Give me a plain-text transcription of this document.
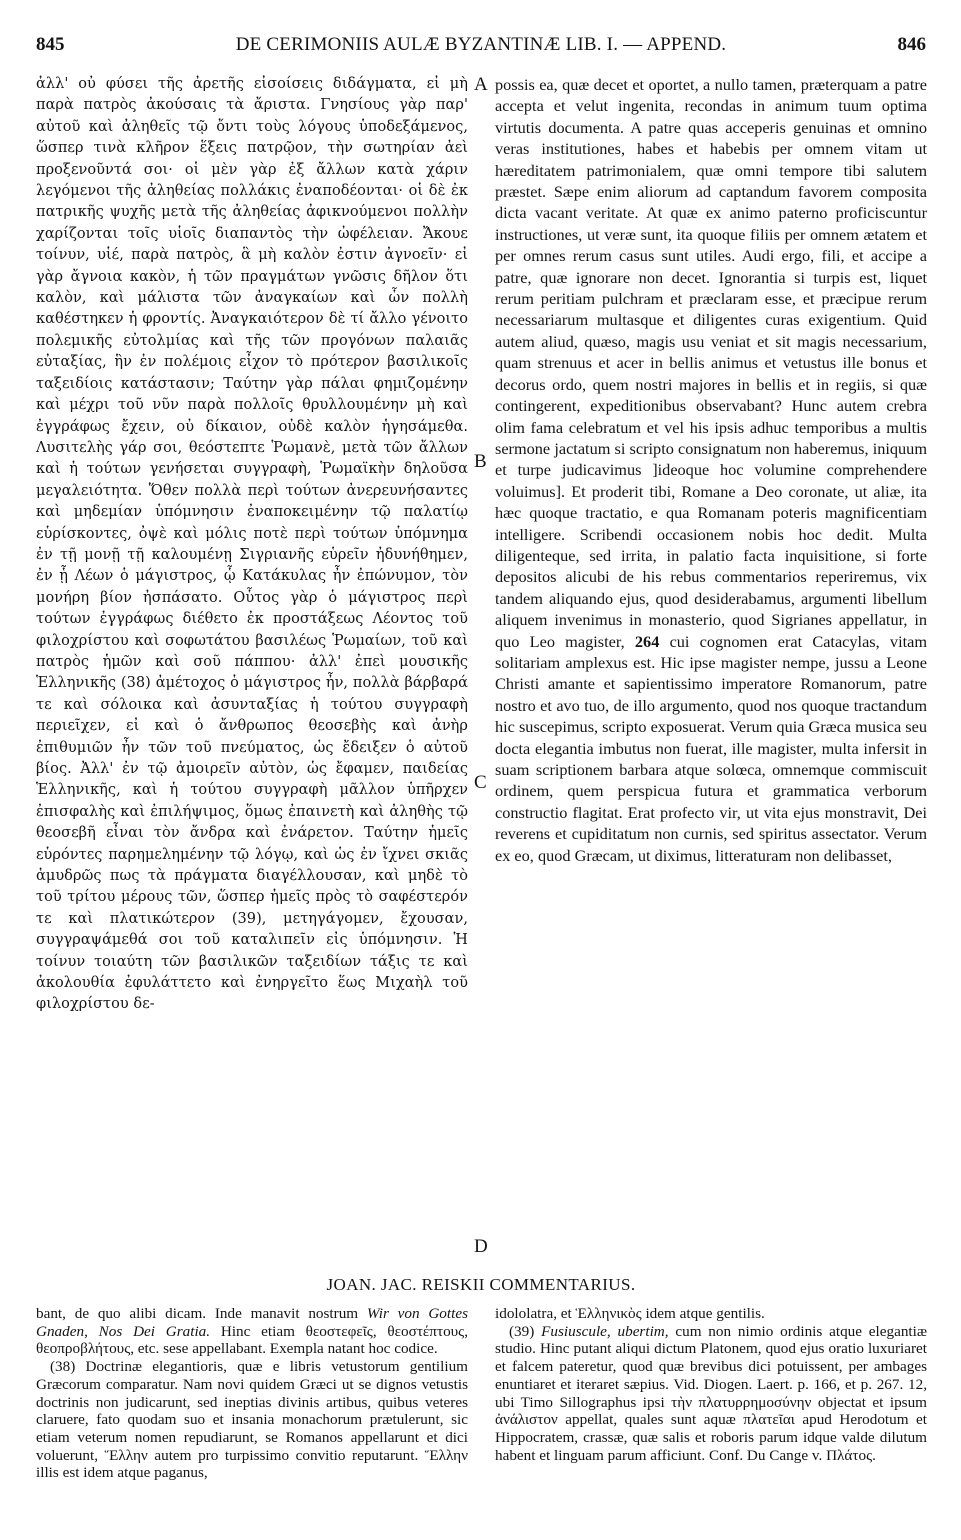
845	DE CERIMONIIS AULÆ BYZANTINÆ LIB. I. — APPEND.	846

ἀλλ' οὐ φύσει τῆς ἀρετῆς εἰσοίσεις διδάγματα, εἰ μὴ παρὰ πατρὸς ἀκούσαις τὰ ἄριστα. Γνησίους γὰρ παρ' αὐτοῦ καὶ ἀληθεῖς τῷ ὄντι τοὺς λόγους ὑποδεξάμενος, ὥσπερ τινὰ κλῆρον ἕξεις πατρῷον, τὴν σωτηρίαν ἀεὶ προξενοῦντά σοι· οἱ μὲν γὰρ ἐξ ἄλλων κατὰ χάριν λεγόμενοι τῆς ἀληθείας πολλάκις ἐναποδέονται· οἱ δὲ ἐκ πατρικῆς ψυχῆς μετὰ τῆς ἀληθείας ἀφικνούμενοι πολλὴν χαρίζονται τοῖς υἱοῖς διαπαντὸς τὴν ὠφέλειαν. Ἄκουε τοίνυν, υἱέ, παρὰ πατρὸς, ἃ μὴ καλὸν ἐστιν ἀγνοεῖν· εἰ γὰρ ἄγνοια κακὸν, ἡ τῶν πραγμάτων γνῶσις δῆλον ὅτι καλὸν, καὶ μάλιστα τῶν ἀναγκαίων καὶ ὧν πολλὴ καθέστηκεν ἡ φροντίς. Ἀναγκαιότερον δὲ τί ἄλλο γένοιτο πολεμικῆς εὐτολμίας καὶ τῆς τῶν προγόνων παλαιᾶς εὐταξίας, ἣν ἐν πολέμοις εἶχον τὸ πρότερον βασιλικοῖς ταξειδίοις κατάστασιν; Ταύτην γὰρ πάλαι φημιζομένην καὶ μέχρι τοῦ νῦν παρὰ πολλοῖς θρυλλουμένην μὴ καὶ ἐγγράφως ἔχειν, οὐ δίκαιον, οὐδὲ καλὸν ἡγησάμεθα. Λυσιτελὴς γάρ σοι, θεόστεπτε Ῥωμανὲ, μετὰ τῶν ἄλλων καὶ ἡ τούτων γενήσεται συγγραφὴ, Ῥωμαϊκὴν δηλοῦσα μεγαλειότητα. Ὅθεν πολλὰ περὶ τούτων ἀνερευνήσαντες καὶ μηδεμίαν ὑπόμνησιν ἐναποκειμένην τῷ παλατίῳ εὑρίσκοντες, ὀψὲ καὶ μόλις ποτὲ περὶ τούτων ὑπόμνημα ἐν τῇ μονῇ τῇ καλουμένῃ Σιγριανῆς εὑρεῖν ἠδυνήθημεν, ἐν ᾗ Λέων ὁ μάγιστρος, ᾧ Κατάκυλας ἦν ἐπώνυμον, τὸν μονήρη βίον ἠσπάσατο. Οὗτος γὰρ ὁ μάγιστρος περὶ τούτων ἐγγράφως διέθετο ἐκ προστάξεως Λέοντος τοῦ φιλοχρίστου καὶ σοφωτάτου βασιλέως Ῥωμαίων, τοῦ καὶ πατρὸς ἡμῶν καὶ σοῦ πάππου· ἀλλ' ἐπεὶ μουσικῆς Ἑλληνικῆς (38) ἀμέτοχος ὁ μάγιστρος ἦν, πολλὰ βάρβαρά τε καὶ σόλοικα καὶ ἀσυνταξίας ἡ τούτου συγγραφὴ περιεῖχεν, εἰ καὶ ὁ ἄνθρωπος θεοσεβὴς καὶ ἀνὴρ ἐπιθυμιῶν ἦν τῶν τοῦ πνεύματος, ὡς ἔδειξεν ὁ αὐτοῦ βίος. Ἀλλ' ἐν τῷ ἀμοιρεῖν αὐτὸν, ὡς ἔφαμεν, παιδείας Ἑλληνικῆς, καὶ ἡ τούτου συγγραφὴ μᾶλλον ὑπῆρχεν ἐπισφαλὴς καὶ ἐπιλήψιμος, ὅμως ἐπαινετὴ καὶ ἀληθὴς τῷ θεοσεβῆ εἶναι τὸν ἄνδρα καὶ ἐνάρετον. Ταύτην ἡμεῖς εὑρόντες παρημελημένην τῷ λόγῳ, καὶ ὡς ἐν ἴχνει σκιᾶς ἀμυδρῶς πως τὰ πράγματα διαγέλλουσαν, καὶ μηδὲ τὸ τοῦ τρίτου μέρους τῶν, ὥσπερ ἡμεῖς πρὸς τὸ σαφέστερόν τε καὶ πλατικώτερον (39), μετηγάγομεν, ἔχουσαν, συγγραψάμεθά σοι τοῦ καταλιπεῖν εἰς ὑπόμνησιν. Ἡ τοίνυν τοιαύτη τῶν βασιλικῶν ταξειδίων τάξις τε καὶ ἀκολουθία ἐφυλάττετο καὶ ἐνηργεῖτο ἕως Μιχαὴλ τοῦ φιλοχρίστου δε-

possis ea, quæ decet et oportet, a nullo tamen, præterquam a patre accepta et velut ingenita, recondas in animum tuum optima virtutis documenta. A patre quas acceperis genuinas et omnino veras institutiones, habes et habebis per omnem vitam ut hæreditatem patrimonialem, quæ omni tempore tibi salutem præstet. Sæpe enim aliorum ad captandum favorem composita dicta vacant veritate. At quæ ex animo paterno proficiscuntur instructiones, ut veræ sunt, ita quoque filiis per omnem ætatem et per omnes rerum casus sunt utiles. Audi ergo, fili, et accipe a patre, quæ ignorare non decet. Ignorantia si turpis est, liquet rerum peritiam pulchram et præclaram esse, et præcipue rerum necessariarum multasque et diligentes curas exigentium. Quid autem aliud, quæso, magis usu veniat et sit magis necessarium, quam strenuus et acer in bellis animus et vetustus ille bonus et decorus ordo, quem nostri majores in bellis et in regiis, si quæ contingerent, expeditionibus observabant? Hunc autem crebra olim fama celebratum et vel his ipsis adhuc temporibus a multis sermone jactatum si scripto consignatum non haberemus, iniquum et turpe judicavimus ]ideoque hoc volumine comprehendere voluimus]. Et proderit tibi, Romane a Deo coronate, ut aliæ, ita hæc quoque tractatio, e qua Romanam poteris magnificentiam intelligere. Scribendi occasionem nobis hoc dedit. Multa diligenteque, sed irrita, in palatio facta inquisitione, si forte depositos alicubi de his rebus commentarios reperiremus, vix tandem aliquando ejus, quod desiderabamus, argumenti libellum aliquem invenimus in monasterio, quod Sigrianes appellatur, in quo Leo magister, 264 cui cognomen erat Catacylas, vitam solitariam amplexus est. Hic ipse magister nempe, jussu a Leone Christi amante et sapientissimo imperatore Romanorum, patre nostro et avo tuo, de illo argumento, quod nos quoque tractandum hic suscepimus, scripto exposuerat. Verum quia Græca musica seu docta elegantia imbutus non fuerat, ille magister, multa infersit in suam scriptionem barbara atque solœca, omnemque commiscuit ordinem, quem perspicua futura et grammatica verborum constructio flagitat. Erat profecto vir, ut vita ejus monstravit, Dei reverens et cupiditatum non curnis, sed spiritus assectator. Verum ex eo, quod Græcam, ut diximus, litteraturam non delibasset,

A
B
C
D
JOAN. JAC. REISKII COMMENTARIUS.

bant, de quo alibi dicam. Inde manavit nostrum Wir von Gottes Gnaden, Nos Dei Gratia. Hinc etiam θεοστεφεῖς, θεοστέπτους, θεοπροβλήτους, etc. sese appellabant. Exempla natant hoc codice.

(38) Doctrinæ elegantioris, quæ e libris vetustorum gentilium Græcorum comparatur. Nam novi quidem Græci ut se dignos vetustis doctrinis non judicarunt, sed ineptias divinis artibus, quibus veteres claruere, fato quodam suo et insania monachorum prætulerunt, sic etiam veterum nomen repudiarunt, se Romanos appellarunt et dici voluerunt, Ἕλλην autem pro turpissimo convitio reputarunt. Ἕλλην illis est idem atque paganus,

idololatra, et Ἑλληνικὸς idem atque gentilis.

(39) Fusiuscule, ubertim, cum non nimio ordinis atque elegantiæ studio. Hinc putant aliqui dictum Platonem, quod ejus oratio luxuriaret et falcem pateretur, quod quæ brevibus dici potuissent, per ambages enuntiaret et iteraret sæpius. Vid. Diogen. Laert. p. 166, et p. 267. 12, ubi Timo Sillographus ipsi τὴν πλατυρρημοσύνην objectat et ipsum ἀνάλιστον appellat, quales sunt aquæ πλατεῖαι apud Herodotum et Hippocratem, crassæ, quæ salis et roboris parum idque valde dilutum habent et linguam parum afficiunt. Conf. Du Cange v. Πλάτος.
